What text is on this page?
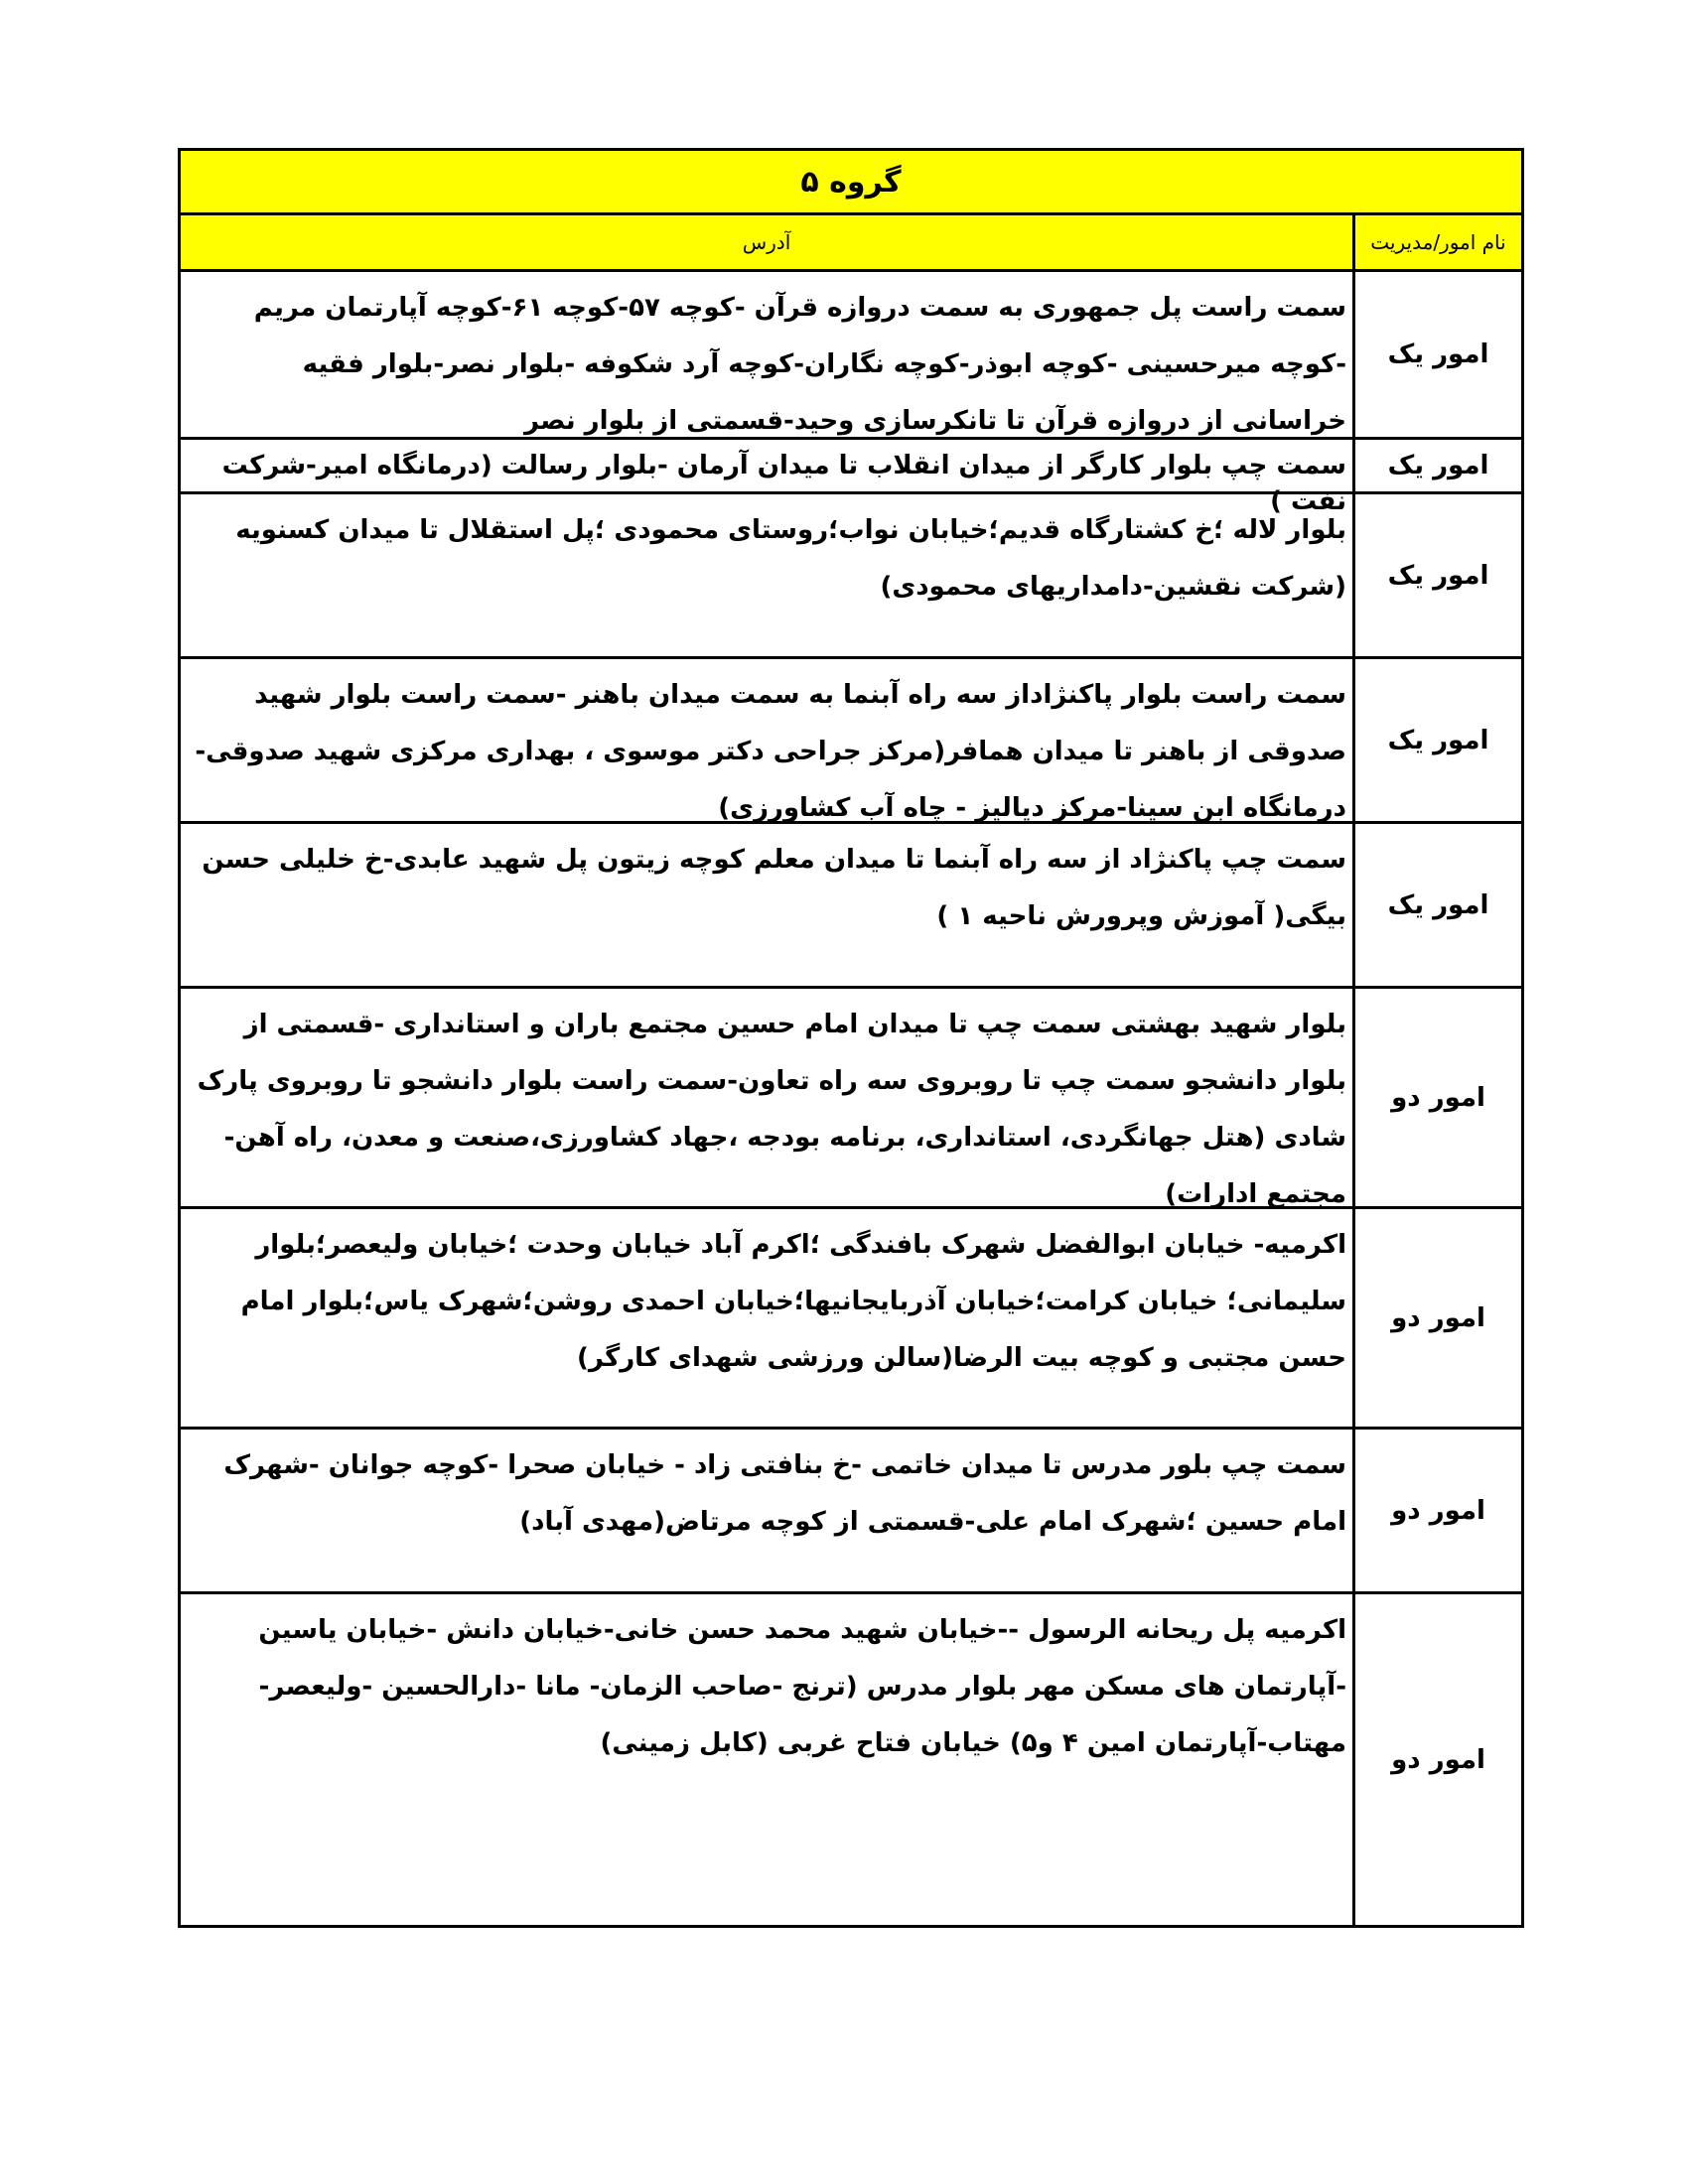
گروه ۵
نام امور/مدیریت
آدرس
امور یک
سمت راست پل جمهوری به سمت دروازه قرآن -کوچه ۵۷-کوچه ۶۱-کوچه آپارتمان مریم -کوچه میرحسینی -کوچه ابوذر-کوچه نگاران-کوچه آرد شکوفه -بلوار نصر-بلوار فقیه خراسانی از دروازه قرآن تا تانکرسازی وحید-قسمتی از بلوار نصر
امور یک
سمت چپ بلوار کارگر از میدان انقلاب تا میدان آرمان -بلوار رسالت (درمانگاه امیر-شرکت نفت )
امور یک
بلوار لاله ؛خ کشتارگاه قدیم؛خیابان نواب؛روستای محمودی ؛پل استقلال تا میدان کسنویه (شرکت نقشین-دامداریهای محمودی)
امور یک
سمت راست بلوار پاکنژاداز سه راه آبنما به سمت میدان باهنر -سمت راست بلوار شهید صدوقی از باهنر تا میدان همافر(مرکز جراحی دکتر موسوی ، بهداری مرکزی شهید صدوقی-درمانگاه ابن سینا-مرکز دیالیز - چاه آب کشاورزی)
امور یک
سمت چپ پاکنژاد از سه راه آبنما تا میدان معلم کوچه زیتون پل شهید عابدی-خ خلیلی حسن بیگی( آموزش وپرورش ناحیه ۱ )
امور دو
بلوار شهید بهشتی سمت چپ تا میدان امام حسین مجتمع باران و استانداری -قسمتی از بلوار دانشجو سمت چپ تا روبروی سه راه تعاون-سمت راست بلوار دانشجو تا روبروی پارک شادی (هتل جهانگردی، استانداری، برنامه بودجه ،جهاد کشاورزی،صنعت و معدن، راه آهن- مجتمع ادارات)
امور دو
اکرمیه- خیابان ابوالفضل شهرک بافندگی ؛اکرم آباد خیابان وحدت ؛خیابان ولیعصر؛بلوار سلیمانی؛ خیابان کرامت؛خیابان آذربایجانیها؛خیابان احمدی روشن؛شهرک یاس؛بلوار امام حسن مجتبی و کوچه بیت الرضا(سالن ورزشی شهدای کارگر)
امور دو
سمت چپ بلور مدرس تا میدان خاتمی -خ بنافتی زاد - خیابان صحرا -کوچه جوانان -شهرک امام حسین ؛شهرک امام علی-قسمتی از کوچه مرتاض(مهدی آباد)
امور دو
اکرمیه پل ریحانه الرسول --خیابان شهید محمد حسن خانی-خیابان دانش -خیابان یاسین -آپارتمان های مسکن مهر بلوار مدرس (ترنج -صاحب الزمان- مانا -دارالحسین -ولیعصر-مهتاب-آپارتمان امین ۴ و۵) خیابان فتاح غربی (کابل زمینی)
